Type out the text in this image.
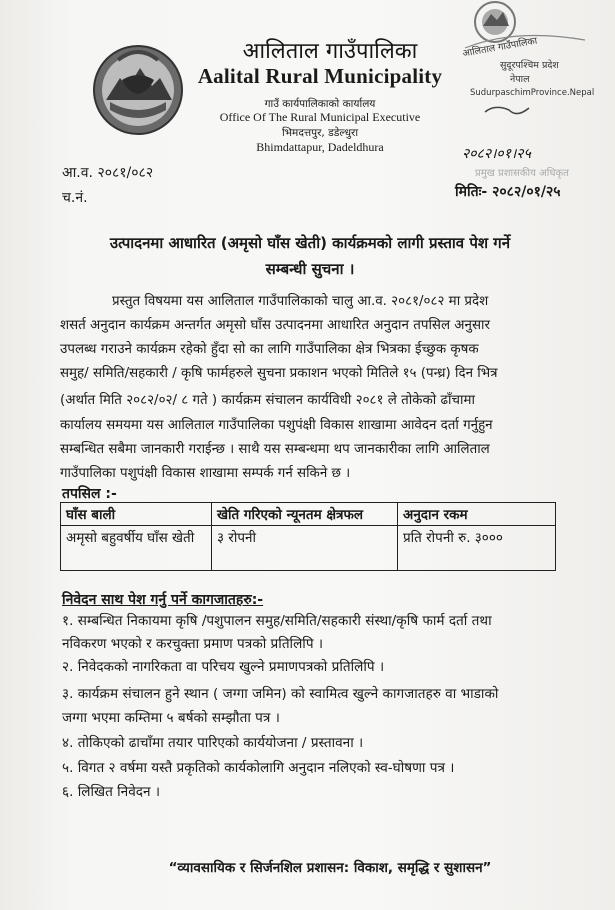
आलिताल गाउँपालिका
Aalital Rural Municipality
गाउँ कार्यपालिकाको कार्यालय
Office Of The Rural Municipal Executive
भिमदत्तपुर, डडेल्धुरा
Bhimdattapur, Dadeldhura
आलिताल गाउँपालिका
सुदूरपश्चिम प्रदेश
नेपाल
SudurpaschimProvince.Nepal
प्रमुख प्रशासकीय अधिकृत
२०८२।०१।२५
आ.व. २०८१/०८२
च.नं.	मितिः- २०८२/०१/२५
उत्पादनमा आधारित (अमृसो घाँस खेती) कार्यक्रमको लागी प्रस्ताव पेश गर्ने
सम्बन्धी सुचना ।
प्रस्तुत विषयमा यस आलिताल गाउँपालिकाको चालु आ.व. २०८१/०८२ मा प्रदेश
शसर्त अनुदान कार्यक्रम अन्तर्गत अमृसो घाँस उत्पादनमा आधारित अनुदान तपसिल अनुसार
उपलब्ध गराउने कार्यक्रम रहेको हुँदा सो का लागि गाउँपालिका क्षेत्र भित्रका ईच्छुक कृषक
समुह/ समिति/सहकारी / कृषि फार्महरुले सुचना प्रकाशन भएको मितिले १५ (पन्ध्र) दिन भित्र
(अर्थात मिति २०८२/०२/ ८ गते ) कार्यक्रम संचालन कार्यविधी २०८१ ले तोकेको ढाँचामा
कार्यालय समयमा यस आलिताल गाउँपालिका पशुपंक्षी विकास शाखामा आवेदन दर्ता गर्नुहुन
सम्बन्धित सबैमा जानकारी गराईन्छ । साथै यस सम्बन्धमा थप जानकारीका लागि आलिताल
गाउँपालिका पशुपंक्षी विकास शाखामा सम्पर्क गर्न सकिने छ ।
तपसिल :-
घाँस बाली	खेति गरिएको न्यूनतम क्षेत्रफल	अनुदान रकम
अमृसो बहुवर्षीय घाँस खेती	३ रोपनी	प्रति रोपनी रु. ३०००
निवेदन साथ पेश गर्नु पर्ने कागजातहरु:-
१. सम्बन्धित निकायमा कृषि /पशुपालन समुह/समिति/सहकारी संस्था/कृषि फार्म दर्ता तथा
नविकरण भएको र करचुक्ता प्रमाण पत्रको प्रतिलिपि ।
२. निवेदकको नागरिकता वा परिचय खुल्ने प्रमाणपत्रको प्रतिलिपि ।
३. कार्यक्रम संचालन हुने स्थान ( जग्गा जमिन) को स्वामित्व खुल्ने कागजातहरु वा भाडाको
जग्गा भएमा कम्तिमा ५ बर्षको सम्झौता पत्र ।
४. तोकिएको ढाचाँमा तयार पारिएको कार्ययोजना / प्रस्तावना ।
५. विगत २ वर्षमा यस्तै प्रकृतिको कार्यकोलागि अनुदान नलिएको स्व-घोषणा पत्र ।
६. लिखित निवेदन ।
“व्यावसायिक र सिर्जनशिल प्रशासन: विकाश, समृद्धि र सुशासन”
